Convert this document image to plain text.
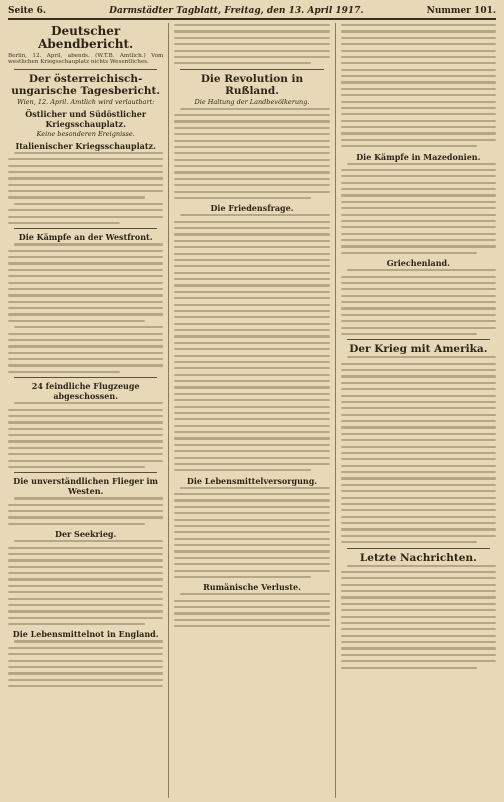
Seite 6.	Darmstädter Tagblatt, Freitag, den 13. April 1917.	Nummer 101.
Deutscher Abendbericht.

Berlin, 12. April, abends. (W.T.B. Amtlich.) Vom westlichen Kriegsschauplatz nichts Wesentliches.

Der österreichisch-ungarische Tagesbericht.
Wien, 12. April. Amtlich wird verlautbart:
Östlicher und Südöstlicher Kriegsschauplatz.
Keine besonderen Ereignisse.
Italienischer Kriegsschauplatz.
Die Kämpfe an der Westfront.
24 feindliche Flugzeuge abgeschossen.
Die unverständlichen Flieger im Westen.
Der Seekrieg.
Die Lebensmittelnot in England.
Die Revolution in Rußland.
Die Haltung der Landbevölkerung.
Die Friedensfrage.
Die Lebensmittelversorgung.
Rumänische Verluste.
Die Kämpfe in Mazedonien.
Griechenland.
Der Krieg mit Amerika.
Letzte Nachrichten.
